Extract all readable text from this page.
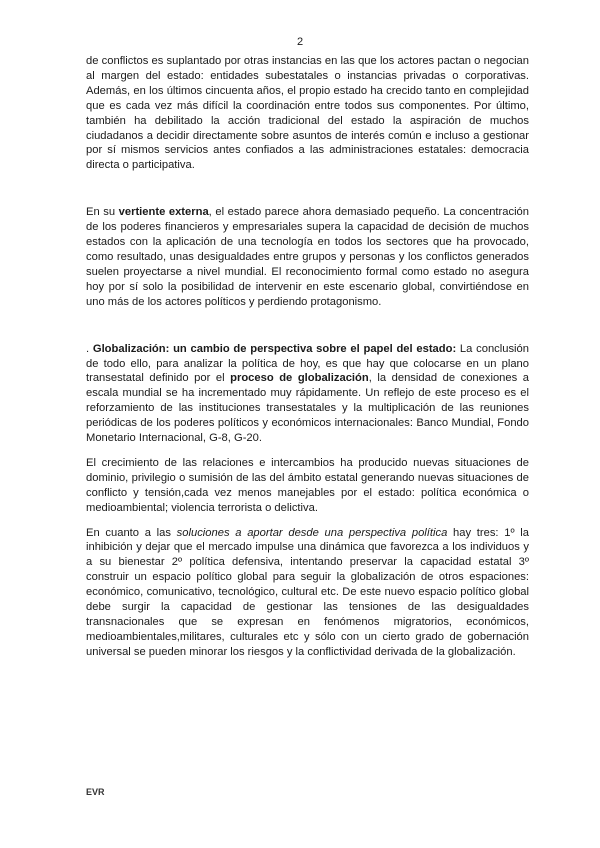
2

de conflictos es suplantado por otras instancias en las que los actores pactan o negocian al margen del estado: entidades subestatales o instancias privadas o corporativas. Además, en los últimos cincuenta años, el propio estado ha crecido tanto en complejidad que es cada vez más difícil la coordinación entre todos sus componentes. Por último, también ha debilitado la acción tradicional del estado la aspiración de muchos ciudadanos a decidir directamente sobre asuntos de interés común e incluso a gestionar por sí mismos servicios antes confiados a las administraciones estatales: democracia directa o participativa.

En su vertiente externa, el estado parece ahora demasiado pequeño. La concentración de los poderes financieros y empresariales supera la capacidad de decisión de muchos estados con la aplicación de una tecnología en todos los sectores que ha provocado, como resultado, unas desigualdades entre grupos y personas y los conflictos generados suelen proyectarse a nivel mundial. El reconocimiento formal como estado no asegura hoy por sí solo la posibilidad de intervenir en este escenario global, convirtiéndose en uno más de los actores políticos y perdiendo protagonismo.

. Globalización: un cambio de perspectiva sobre el papel del estado: La conclusión de todo ello, para analizar la política de hoy, es que hay que colocarse en un plano transestatal definido por el proceso de globalización, la densidad de conexiones a escala mundial se ha incrementado muy rápidamente. Un reflejo de este proceso es el reforzamiento de las instituciones transestatales y la multiplicación de las reuniones periódicas de los poderes políticos y económicos internacionales: Banco Mundial, Fondo Monetario Internacional, G-8, G-20.

El crecimiento de las relaciones e intercambios ha producido nuevas situaciones de dominio, privilegio o sumisión de las del ámbito estatal generando nuevas situaciones de conflicto y tensión,cada vez menos manejables por el estado: política económica o medioambiental; violencia terrorista o delictiva.

En cuanto a las soluciones a aportar desde una perspectiva política hay tres: 1º la inhibición y dejar que el mercado impulse una dinámica que favorezca a los individuos y a su bienestar 2º política defensiva, intentando preservar la capacidad estatal 3º construir un espacio político global para seguir la globalización de otros espaciones: económico, comunicativo, tecnológico, cultural etc. De este nuevo espacio político global debe surgir la capacidad de gestionar las tensiones de las desigualdades transnacionales que se expresan en fenómenos migratorios, económicos, medioambientales,militares, culturales etc y sólo con un cierto grado de gobernación universal se pueden minorar los riesgos y la conflictividad derivada de la globalización.

EVR
